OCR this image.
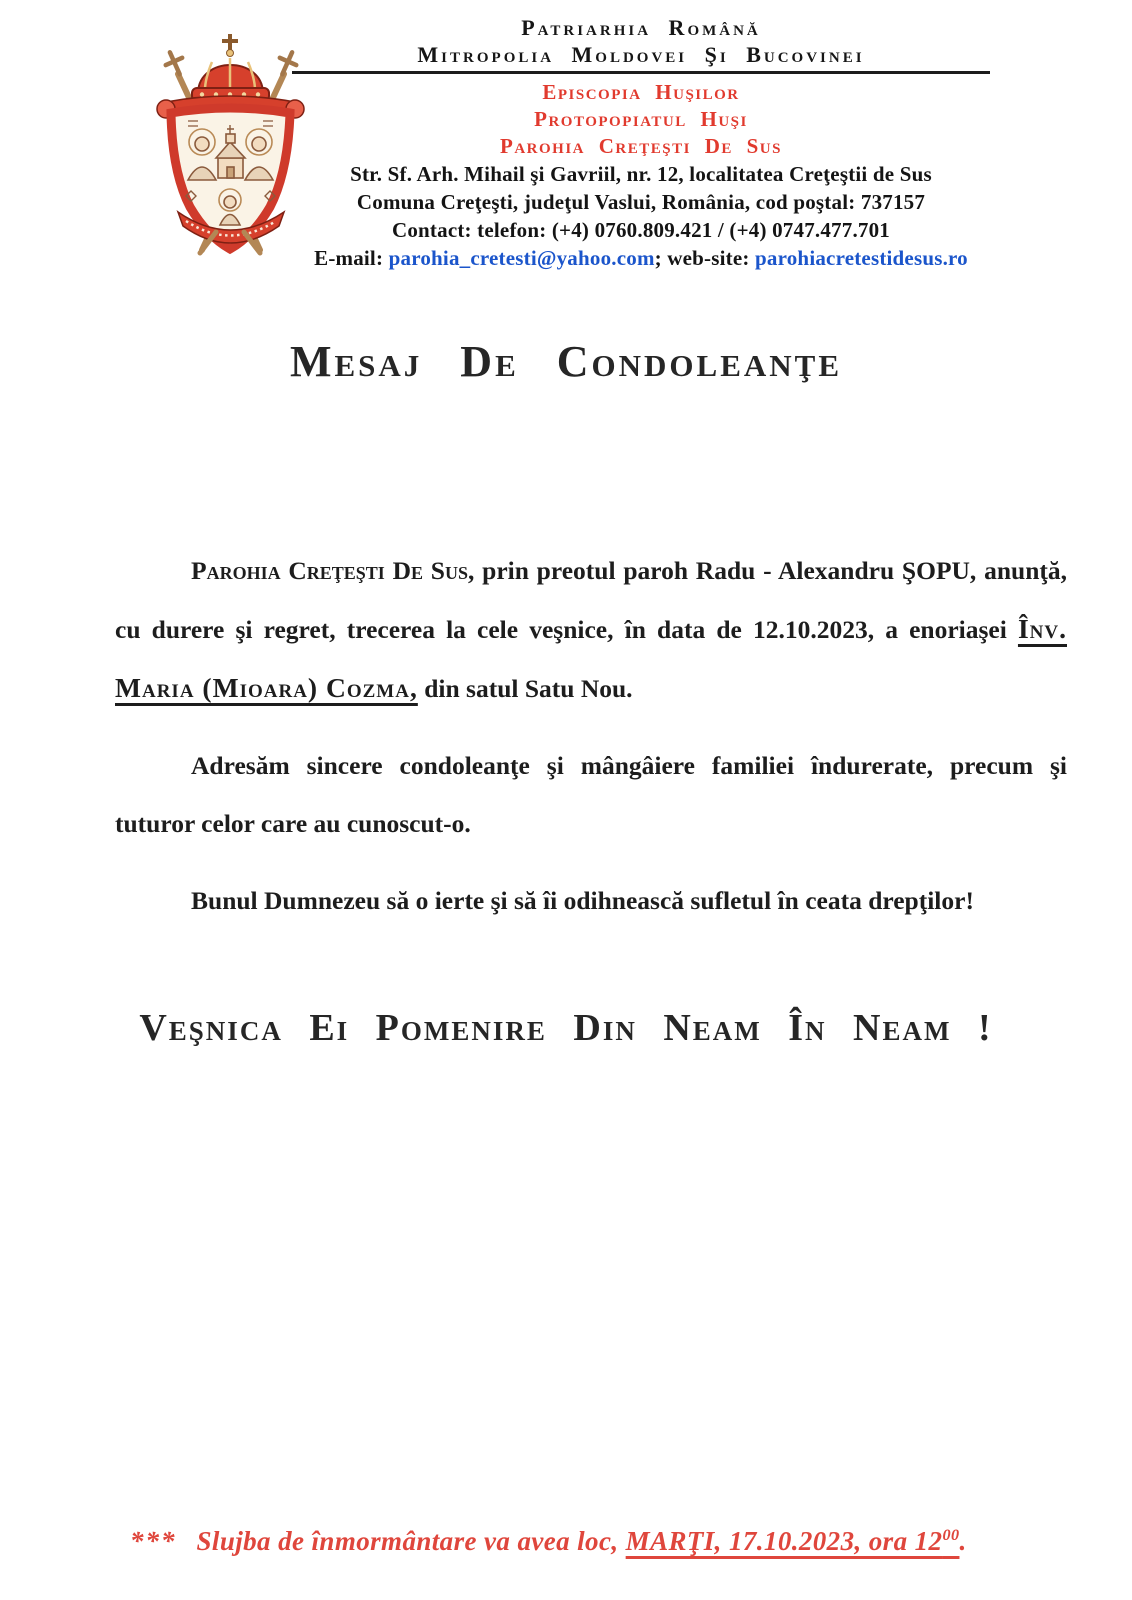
Patriarhia Română
Mitropolia Moldovei Şi Bucovinei
Episcopia Huşilor
Protopopiatul Huşi
Parohia Creţeşti De Sus
Str. Sf. Arh. Mihail şi Gavriil, nr. 12, localitatea Creţeştii de Sus
Comuna Creţeşti, judeţul Vaslui, România, cod poştal: 737157
Contact: telefon: (+4) 0760.809.421 / (+4) 0747.477.701
E-mail: parohia_cretesti@yahoo.com; web-site: parohiacretestidesus.ro
Mesaj De Condoleanţe

Parohia Creţeşti De Sus, prin preotul paroh Radu - Alexandru ŞOPU, anunţă, cu durere şi regret, trecerea la cele veşnice, în data de 12.10.2023, a enoriaşei Înv. Maria (Mioara) Cozma, din satul Satu Nou.

Adresăm sincere condoleanţe şi mângâiere familiei îndurerate, precum şi tuturor celor care au cunoscut-o.

Bunul Dumnezeu să o ierte şi să îi odihnească sufletul în ceata drepţilor!

Veşnica Ei Pomenire Din Neam În Neam !
*** Slujba de înmormântare va avea loc, MARŢI, 17.10.2023, ora $12^{00}$.
